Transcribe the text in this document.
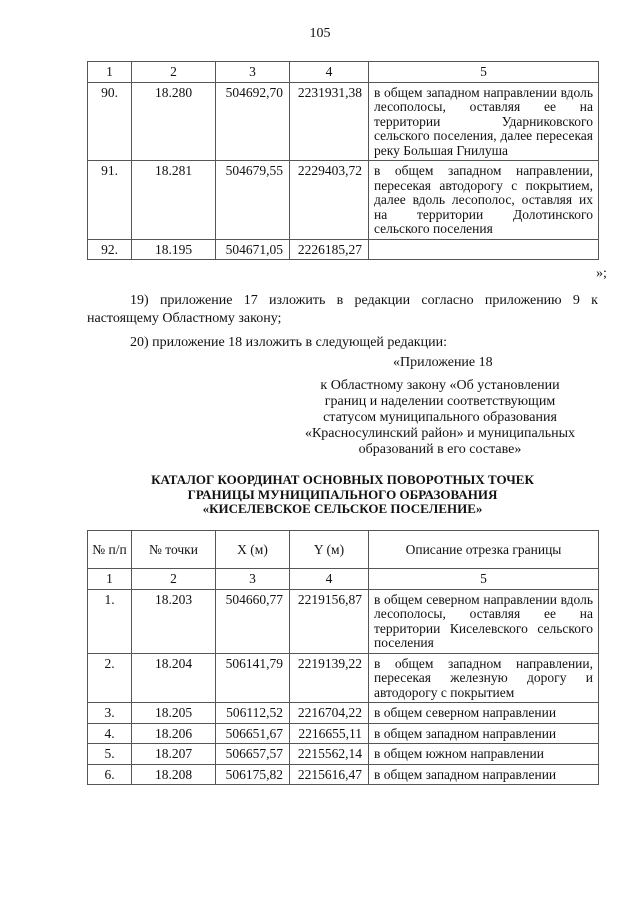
105
1	2	3	4	5
90.	18.280	504692,70	2231931,38	в общем западном направлении вдоль лесополосы, оставляя ее на территории Ударниковского сельского поселения, далее пересекая реку Большая Гнилуша
91.	18.281	504679,55	2229403,72	в общем западном направлении, пересекая автодорогу с покрытием, далее вдоль лесополос, оставляя их на территории Долотинского сельского поселения
92.	18.195	504671,05	2226185,27	
»;
19) приложение 17 изложить в редакции согласно приложению 9 к настоящему Областному закону;
20) приложение 18 изложить в следующей редакции:
«Приложение 18
к Областному закону «Об установлении
границ и наделении соответствующим
статусом муниципального образования
«Красносулинский район» и муниципальных
образований в его составе»
КАТАЛОГ КООРДИНАТ ОСНОВНЫХ ПОВОРОТНЫХ ТОЧЕК
ГРАНИЦЫ МУНИЦИПАЛЬНОГО ОБРАЗОВАНИЯ
«КИСЕЛЕВСКОЕ СЕЛЬСКОЕ ПОСЕЛЕНИЕ»
№ п/п	№ точки	X (м)	Y (м)	Описание отрезка границы
1	2	3	4	5
1.	18.203	504660,77	2219156,87	в общем северном направлении вдоль лесополосы, оставляя ее на территории Киселевского сельского поселения
2.	18.204	506141,79	2219139,22	в общем западном направлении, пересекая железную дорогу и автодорогу с покрытием
3.	18.205	506112,52	2216704,22	в общем северном направлении
4.	18.206	506651,67	2216655,11	в общем западном направлении
5.	18.207	506657,57	2215562,14	в общем южном направлении
6.	18.208	506175,82	2215616,47	в общем западном направлении
